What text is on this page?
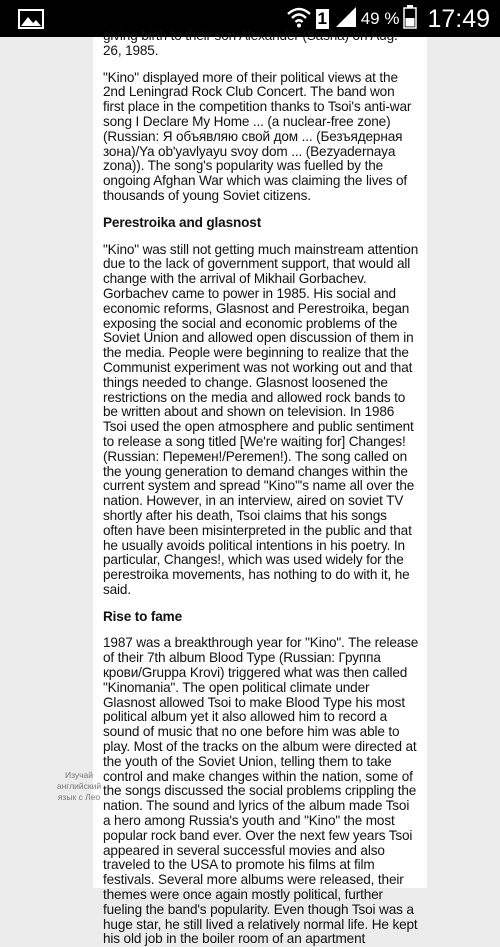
1 49 % 17:49

giving birth to their son Alexander (Sasha) on Aug. 26, 1985.

"Kino" displayed more of their political views at the 2nd Leningrad Rock Club Concert. The band won first place in the competition thanks to Tsoi's anti-war song I Declare My Home ... (a nuclear-free zone) (Russian: Я объявляю свой дом ... (Безъядерная зона)/Ya ob'yavlyayu svoy dom ... (Bezyadernaya zona)). The song's popularity was fuelled by the ongoing Afghan War which was claiming the lives of thousands of young Soviet citizens.

Perestroika and glasnost

"Kino" was still not getting much mainstream attention due to the lack of government support, that would all change with the arrival of Mikhail Gorbachev. Gorbachev came to power in 1985. His social and economic reforms, Glasnost and Perestroika, began exposing the social and economic problems of the Soviet Union and allowed open discussion of them in the media. People were beginning to realize that the Communist experiment was not working out and that things needed to change. Glasnost loosened the restrictions on the media and allowed rock bands to be written about and shown on television. In 1986 Tsoi used the open atmosphere and public sentiment to release a song titled [We're waiting for] Changes! (Russian: Перемен!/Peremen!). The song called on the young generation to demand changes within the current system and spread "Kino"'s name all over the nation. However, in an interview, aired on soviet TV shortly after his death, Tsoi claims that his songs often have been misinterpreted in the public and that he usually avoids political intentions in his poetry. In particular, Changes!, which was used widely for the perestroika movements, has nothing to do with it, he said.

Rise to fame

1987 was a breakthrough year for "Kino". The release of their 7th album Blood Type (Russian: Группа крови/Gruppa Krovi) triggered what was then called "Kinomania". The open political climate under Glasnost allowed Tsoi to make Blood Type his most political album yet it also allowed him to record a sound of music that no one before him was able to play. Most of the tracks on the album were directed at the youth of the Soviet Union, telling them to take control and make changes within the nation, some of the songs discussed the social problems crippling the nation. The sound and lyrics of the album made Tsoi a hero among Russia's youth and "Kino" the most popular rock band ever. Over the next few years Tsoi appeared in several successful movies and also traveled to the USA to promote his films at film festivals. Several more albums were released, their themes were once again mostly political, further fueling the band's popularity. Even though Tsoi was a huge star, he still lived a relatively normal life. He kept his old job in the boiler room of an apartment

Изучай
английский
язык с Лео
